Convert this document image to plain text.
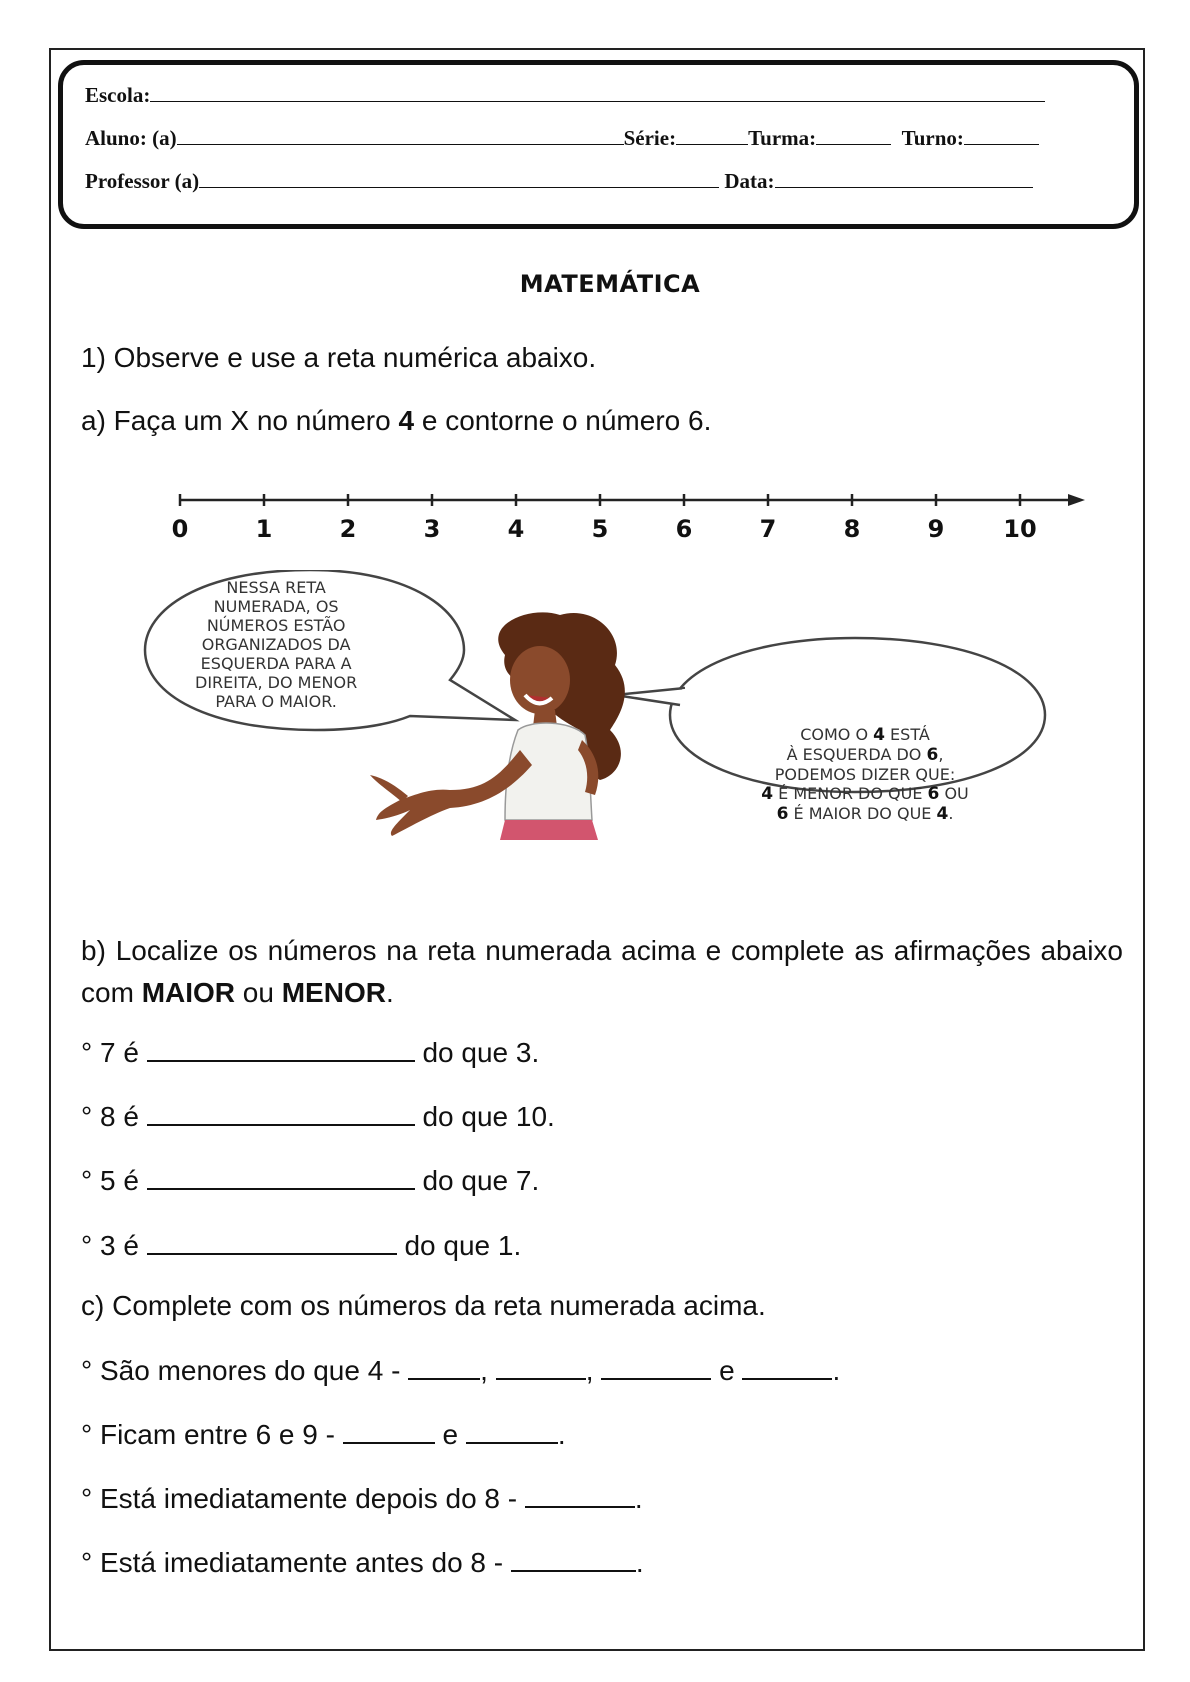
Escola:
Aluno: (a)	Série:	Turma:	Turno:
Professor (a)	Data:
MATEMÁTICA
1) Observe e use a reta numérica abaixo.
a) Faça um X no número 4 e contorne o número 6.
0	1	2	3	4	5	6	7	8	9 10
NESSA RETA
NUMERADA, OS
NÚMEROS ESTÃO
ORGANIZADOS DA
ESQUERDA PARA A
DIREITA, DO MENOR
PARA O MAIOR.
COMO O 4 ESTÁ
À ESQUERDA DO 6,
PODEMOS DIZER QUE:
4 É MENOR DO QUE 6 OU
6 É MAIOR DO QUE 4.
b) Localize os números na reta numerada acima e complete as afirmações abaixo com MAIOR ou MENOR.
° 7 é	do que 3.
° 8 é	do que 10.
° 5 é	do que 7.
° 3 é	do que 1.
c) Complete com os números da reta numerada acima.
° São menores do que 4 -	,	,	e	.
° Ficam entre 6 e 9 -	e	.
° Está imediatamente depois do 8 -	.
° Está imediatamente antes do 8 -	.
